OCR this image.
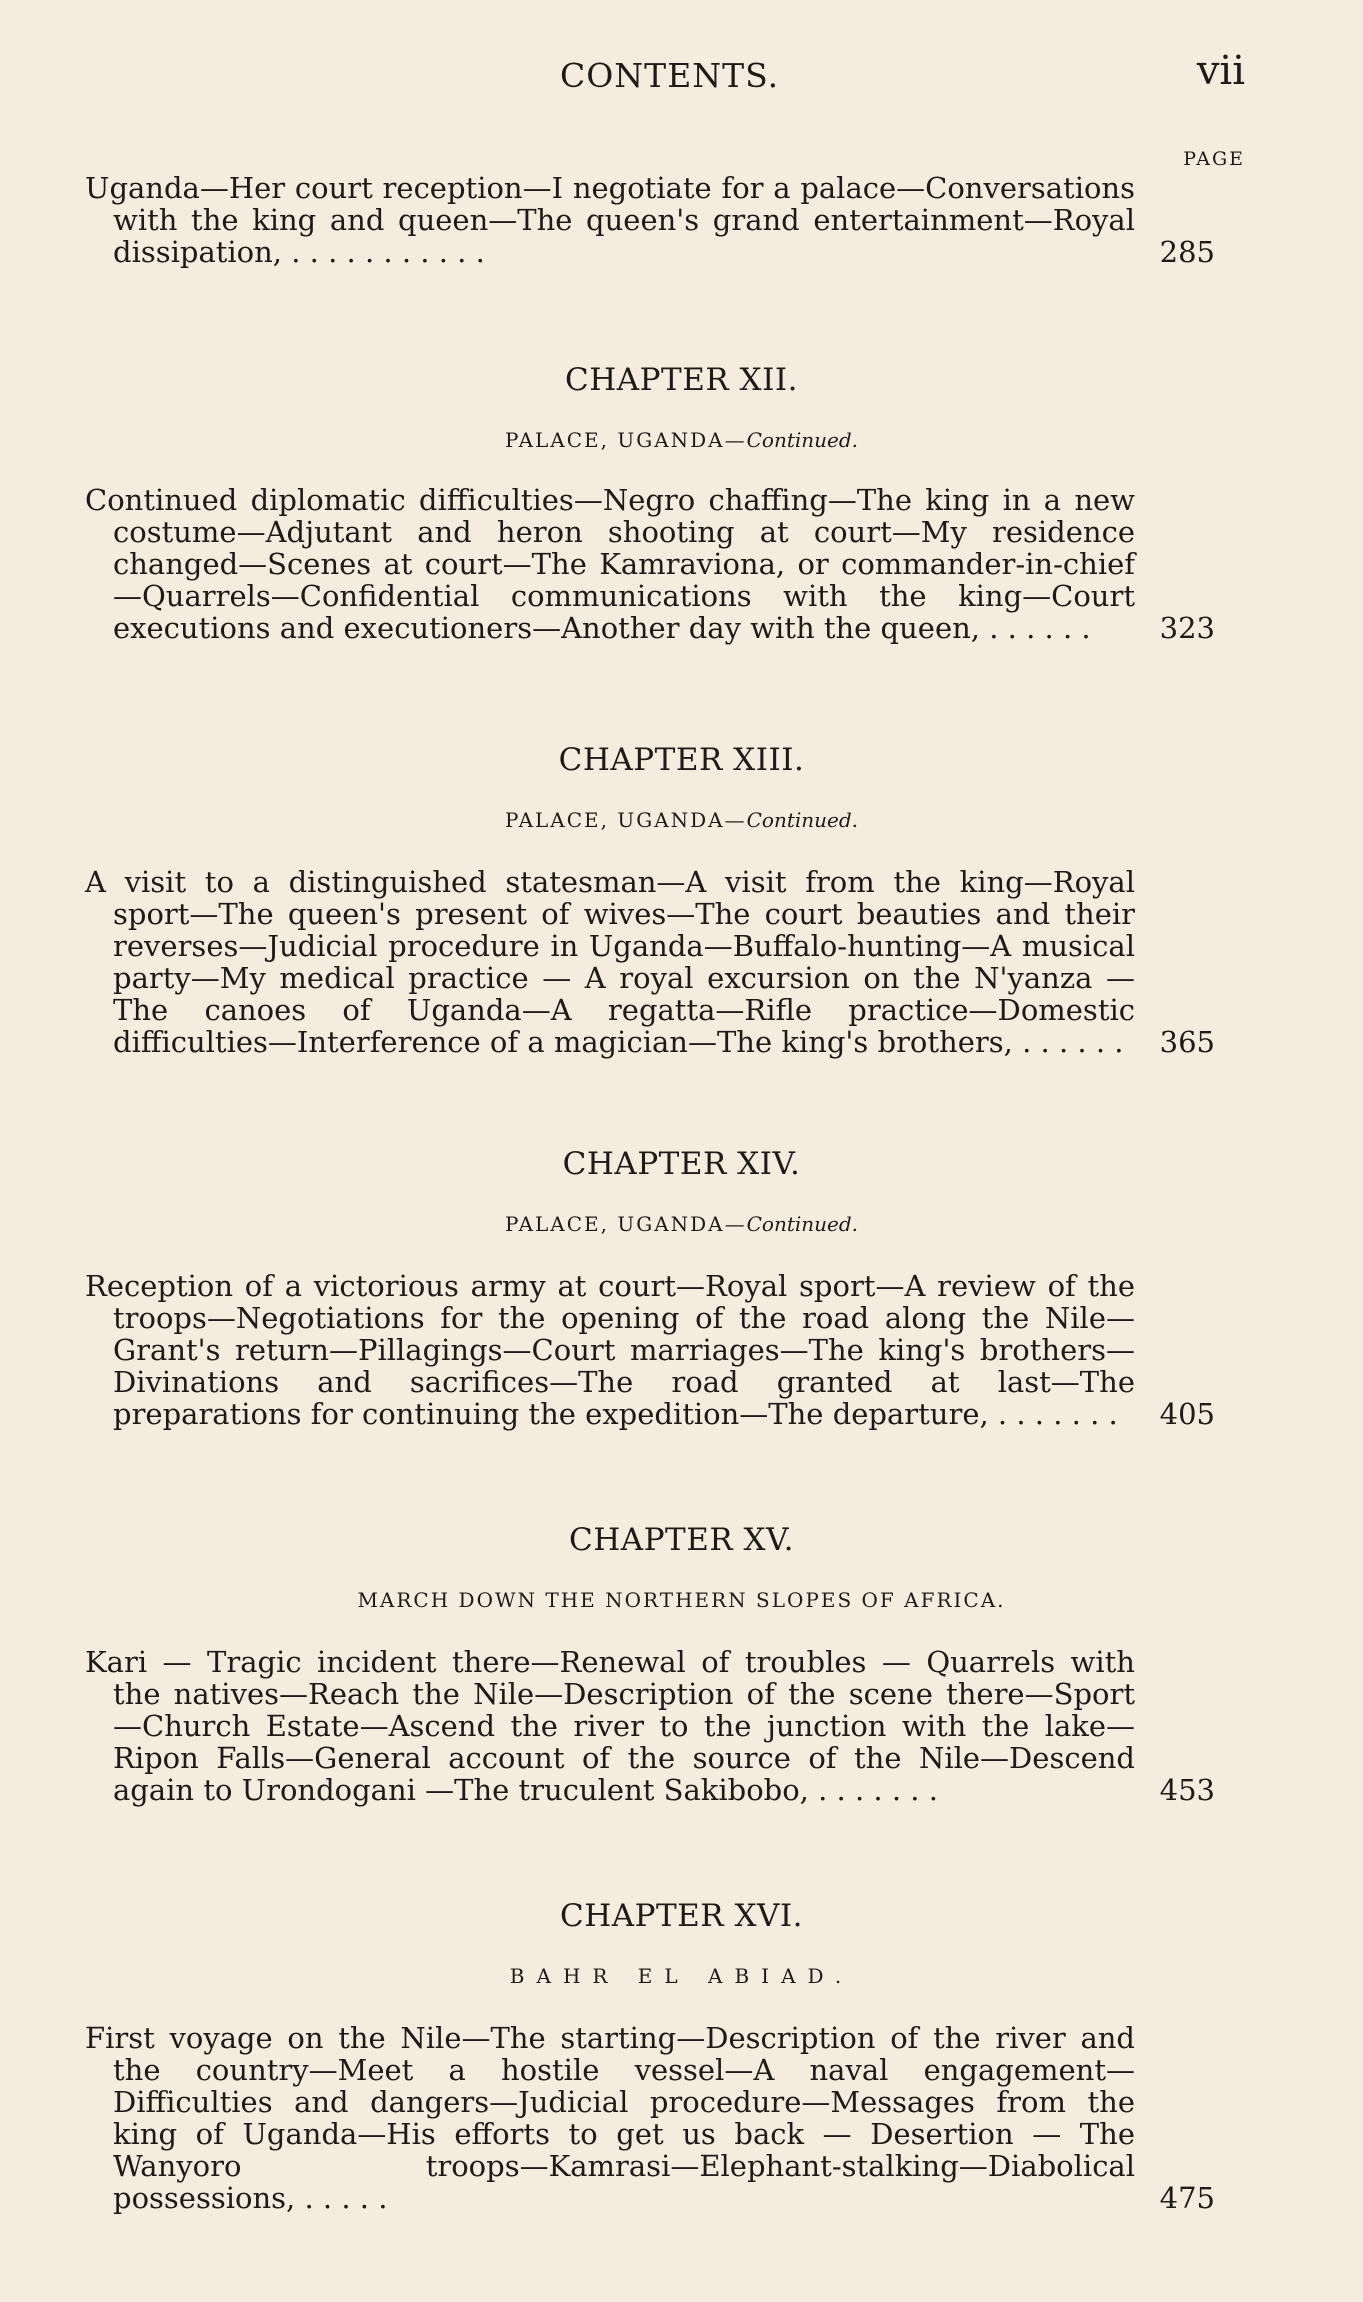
CONTENTS.	vii
PAGE
Uganda—Her court reception—I negotiate for a palace—Conversations with the king and queen—The queen's grand entertainment—Royal dissipation, . . . . . . . . . . .	285
CHAPTER XII.
PALACE, UGANDA—Continued.
Continued diplomatic difficulties—Negro chaffing—The king in a new costume—Adjutant and heron shooting at court—My residence changed—Scenes at court—The Kamraviona, or commander-in-chief—Quarrels—Confidential communications with the king—Court executions and executioners—Another day with the queen, . . . . . .	323
CHAPTER XIII.
PALACE, UGANDA—Continued.
A visit to a distinguished statesman—A visit from the king—Royal sport—The queen's present of wives—The court beauties and their reverses—Judicial procedure in Uganda—Buffalo-hunting—A musical party—My medical practice — A royal excursion on the N'yanza — The canoes of Uganda—A regatta—Rifle practice—Domestic difficulties—Interference of a magician—The king's brothers, . . . . . .	365
CHAPTER XIV.
PALACE, UGANDA—Continued.
Reception of a victorious army at court—Royal sport—A review of the troops—Negotiations for the opening of the road along the Nile—Grant's return—Pillagings—Court marriages—The king's brothers—Divinations and sacrifices—The road granted at last—The preparations for continuing the expedition—The departure, . . . . . . .	405
CHAPTER XV.
MARCH DOWN THE NORTHERN SLOPES OF AFRICA.
Kari — Tragic incident there—Renewal of troubles — Quarrels with the natives—Reach the Nile—Description of the scene there—Sport—Church Estate—Ascend the river to the junction with the lake—Ripon Falls—General account of the source of the Nile—Descend again to Urondogani —The truculent Sakibobo, . . . . . . .	453
CHAPTER XVI.
BAHR EL ABIAD.
First voyage on the Nile—The starting—Description of the river and the country—Meet a hostile vessel—A naval engagement—Difficulties and dangers—Judicial procedure—Messages from the king of Uganda—His efforts to get us back — Desertion — The Wanyoro troops—Kamrasi—Elephant-stalking—Diabolical possessions, . . . . .	475
